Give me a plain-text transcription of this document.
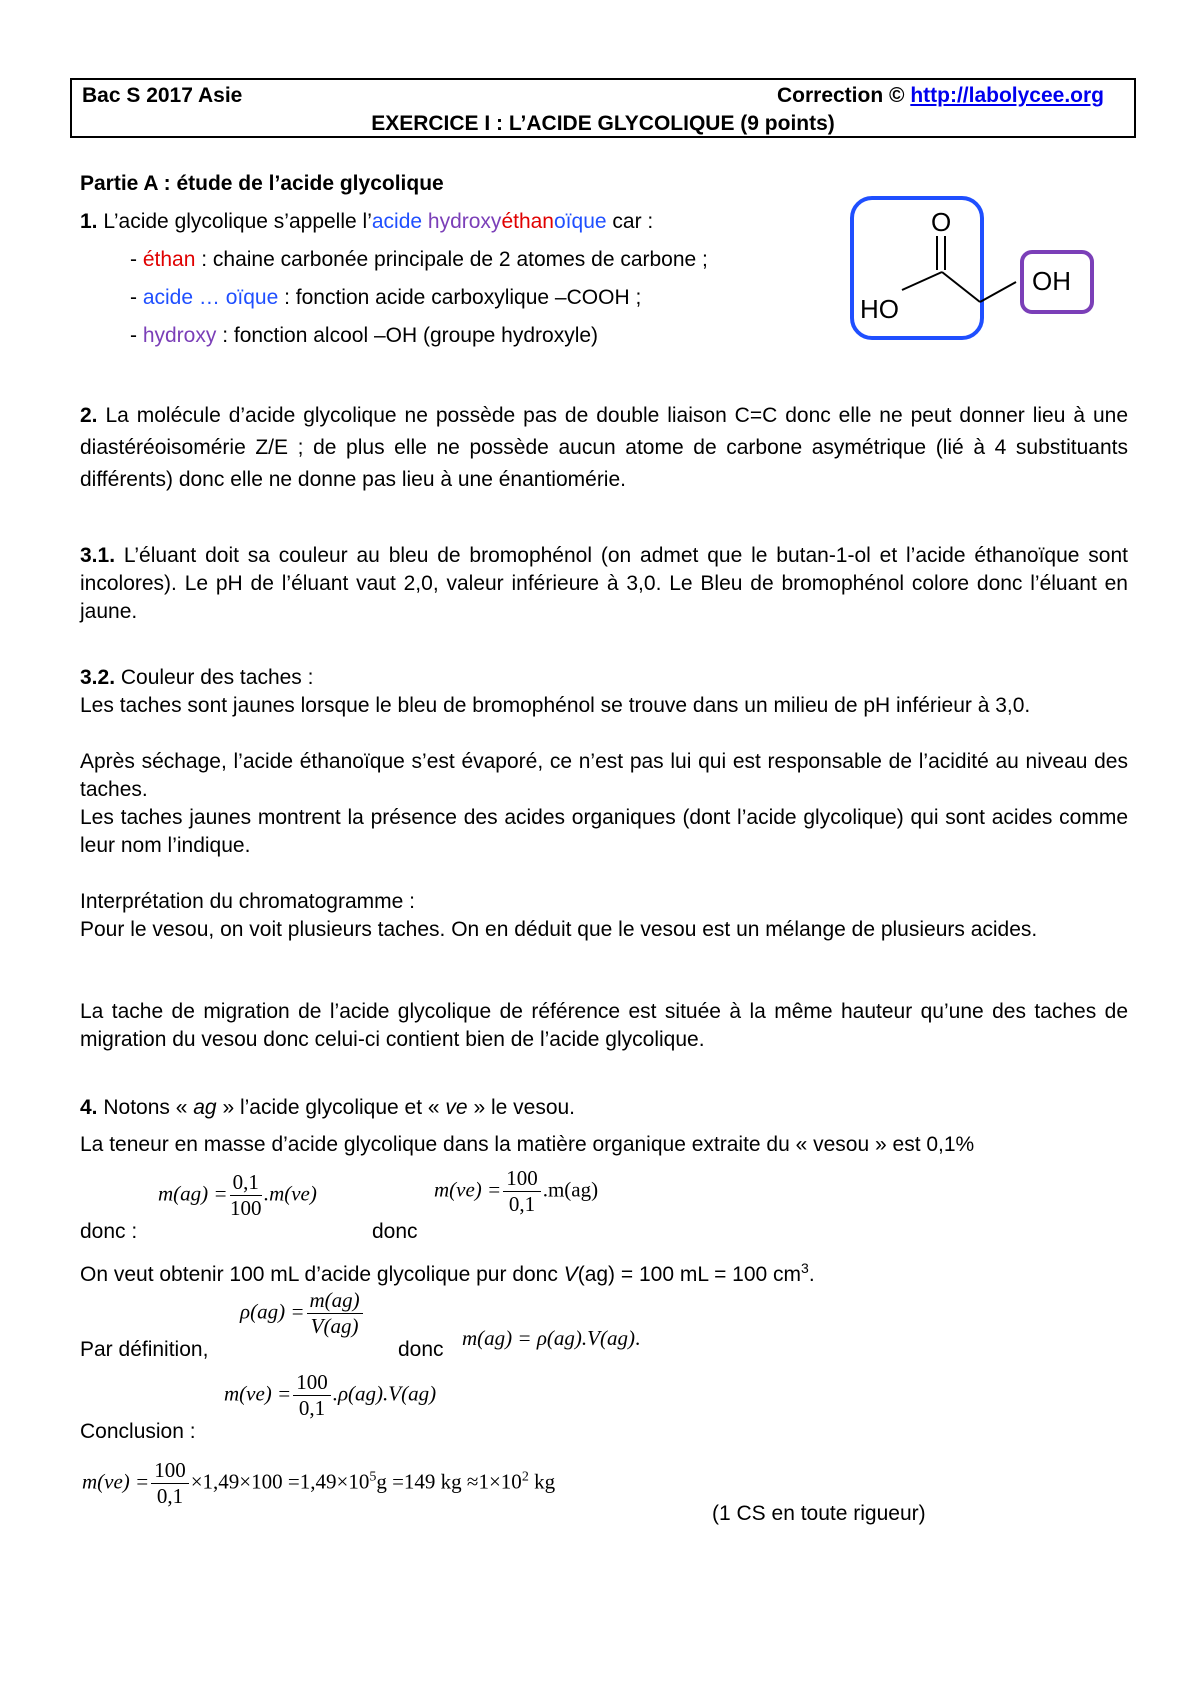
Bac S 2017 Asie	Correction © http://labolycee.org
EXERCICE I : L’ACIDE GLYCOLIQUE (9 points)
Partie A : étude de l’acide glycolique
1. L’acide glycolique s’appelle l’acide hydroxyéthanoïque car :
- éthan : chaine carbonée principale de 2 atomes de carbone ;
- acide … oïque : fonction acide carboxylique –COOH ;
- hydroxy : fonction alcool –OH (groupe hydroxyle)
O
HO
OH
2. La molécule d’acide glycolique ne possède pas de double liaison C=C donc elle ne peut donner lieu à une diastéréoisomérie Z/E ; de plus elle ne possède aucun atome de carbone asymétrique (lié à 4 substituants différents) donc elle ne donne pas lieu à une énantiomérie.
3.1. L’éluant doit sa couleur au bleu de bromophénol (on admet que le butan-1-ol et l’acide éthanoïque sont incolores). Le pH de l’éluant vaut 2,0, valeur inférieure à 3,0. Le Bleu de bromophénol colore donc l’éluant en jaune.
3.2. Couleur des taches :
Les taches sont jaunes lorsque le bleu de bromophénol se trouve dans un milieu de pH inférieur à 3,0.
Après séchage, l’acide éthanoïque s’est évaporé, ce n’est pas lui qui est responsable de l’acidité au niveau des taches.
Les taches jaunes montrent la présence des acides organiques (dont l’acide glycolique) qui sont acides comme leur nom l’indique.
Interprétation du chromatogramme :
Pour le vesou, on voit plusieurs taches. On en déduit que le vesou est un mélange de plusieurs acides.
La tache de migration de l’acide glycolique de référence est située à la même hauteur qu’une des taches de migration du vesou donc celui-ci contient bien de l’acide glycolique.
4. Notons « ag » l’acide glycolique et « ve » le vesou.
La teneur en masse d’acide glycolique dans la matière organique extraite du « vesou » est 0,1%
donc :
$m(ag) = \frac{0,1}{100} .m(ve)$
donc
$m(ve) = \frac{100}{0,1} .m(ag)$
On veut obtenir 100 mL d’acide glycolique pur donc V(ag) = 100 mL = 100 $cm^3$.
Par définition,
$\rho(ag) = \frac{m(ag)}{V(ag)}$
donc m(ag) = ρ(ag).V(ag).
Conclusion :
$m(ve) = \frac{100}{0,1} .\rho(ag).V(ag)$
$m(ve) = \frac{100}{0,1} \times 1,49\times 100 =1,49\times 10^5g =149$ kg $\approx 1\times 10^2$ kg
(1 CS en toute rigueur)
